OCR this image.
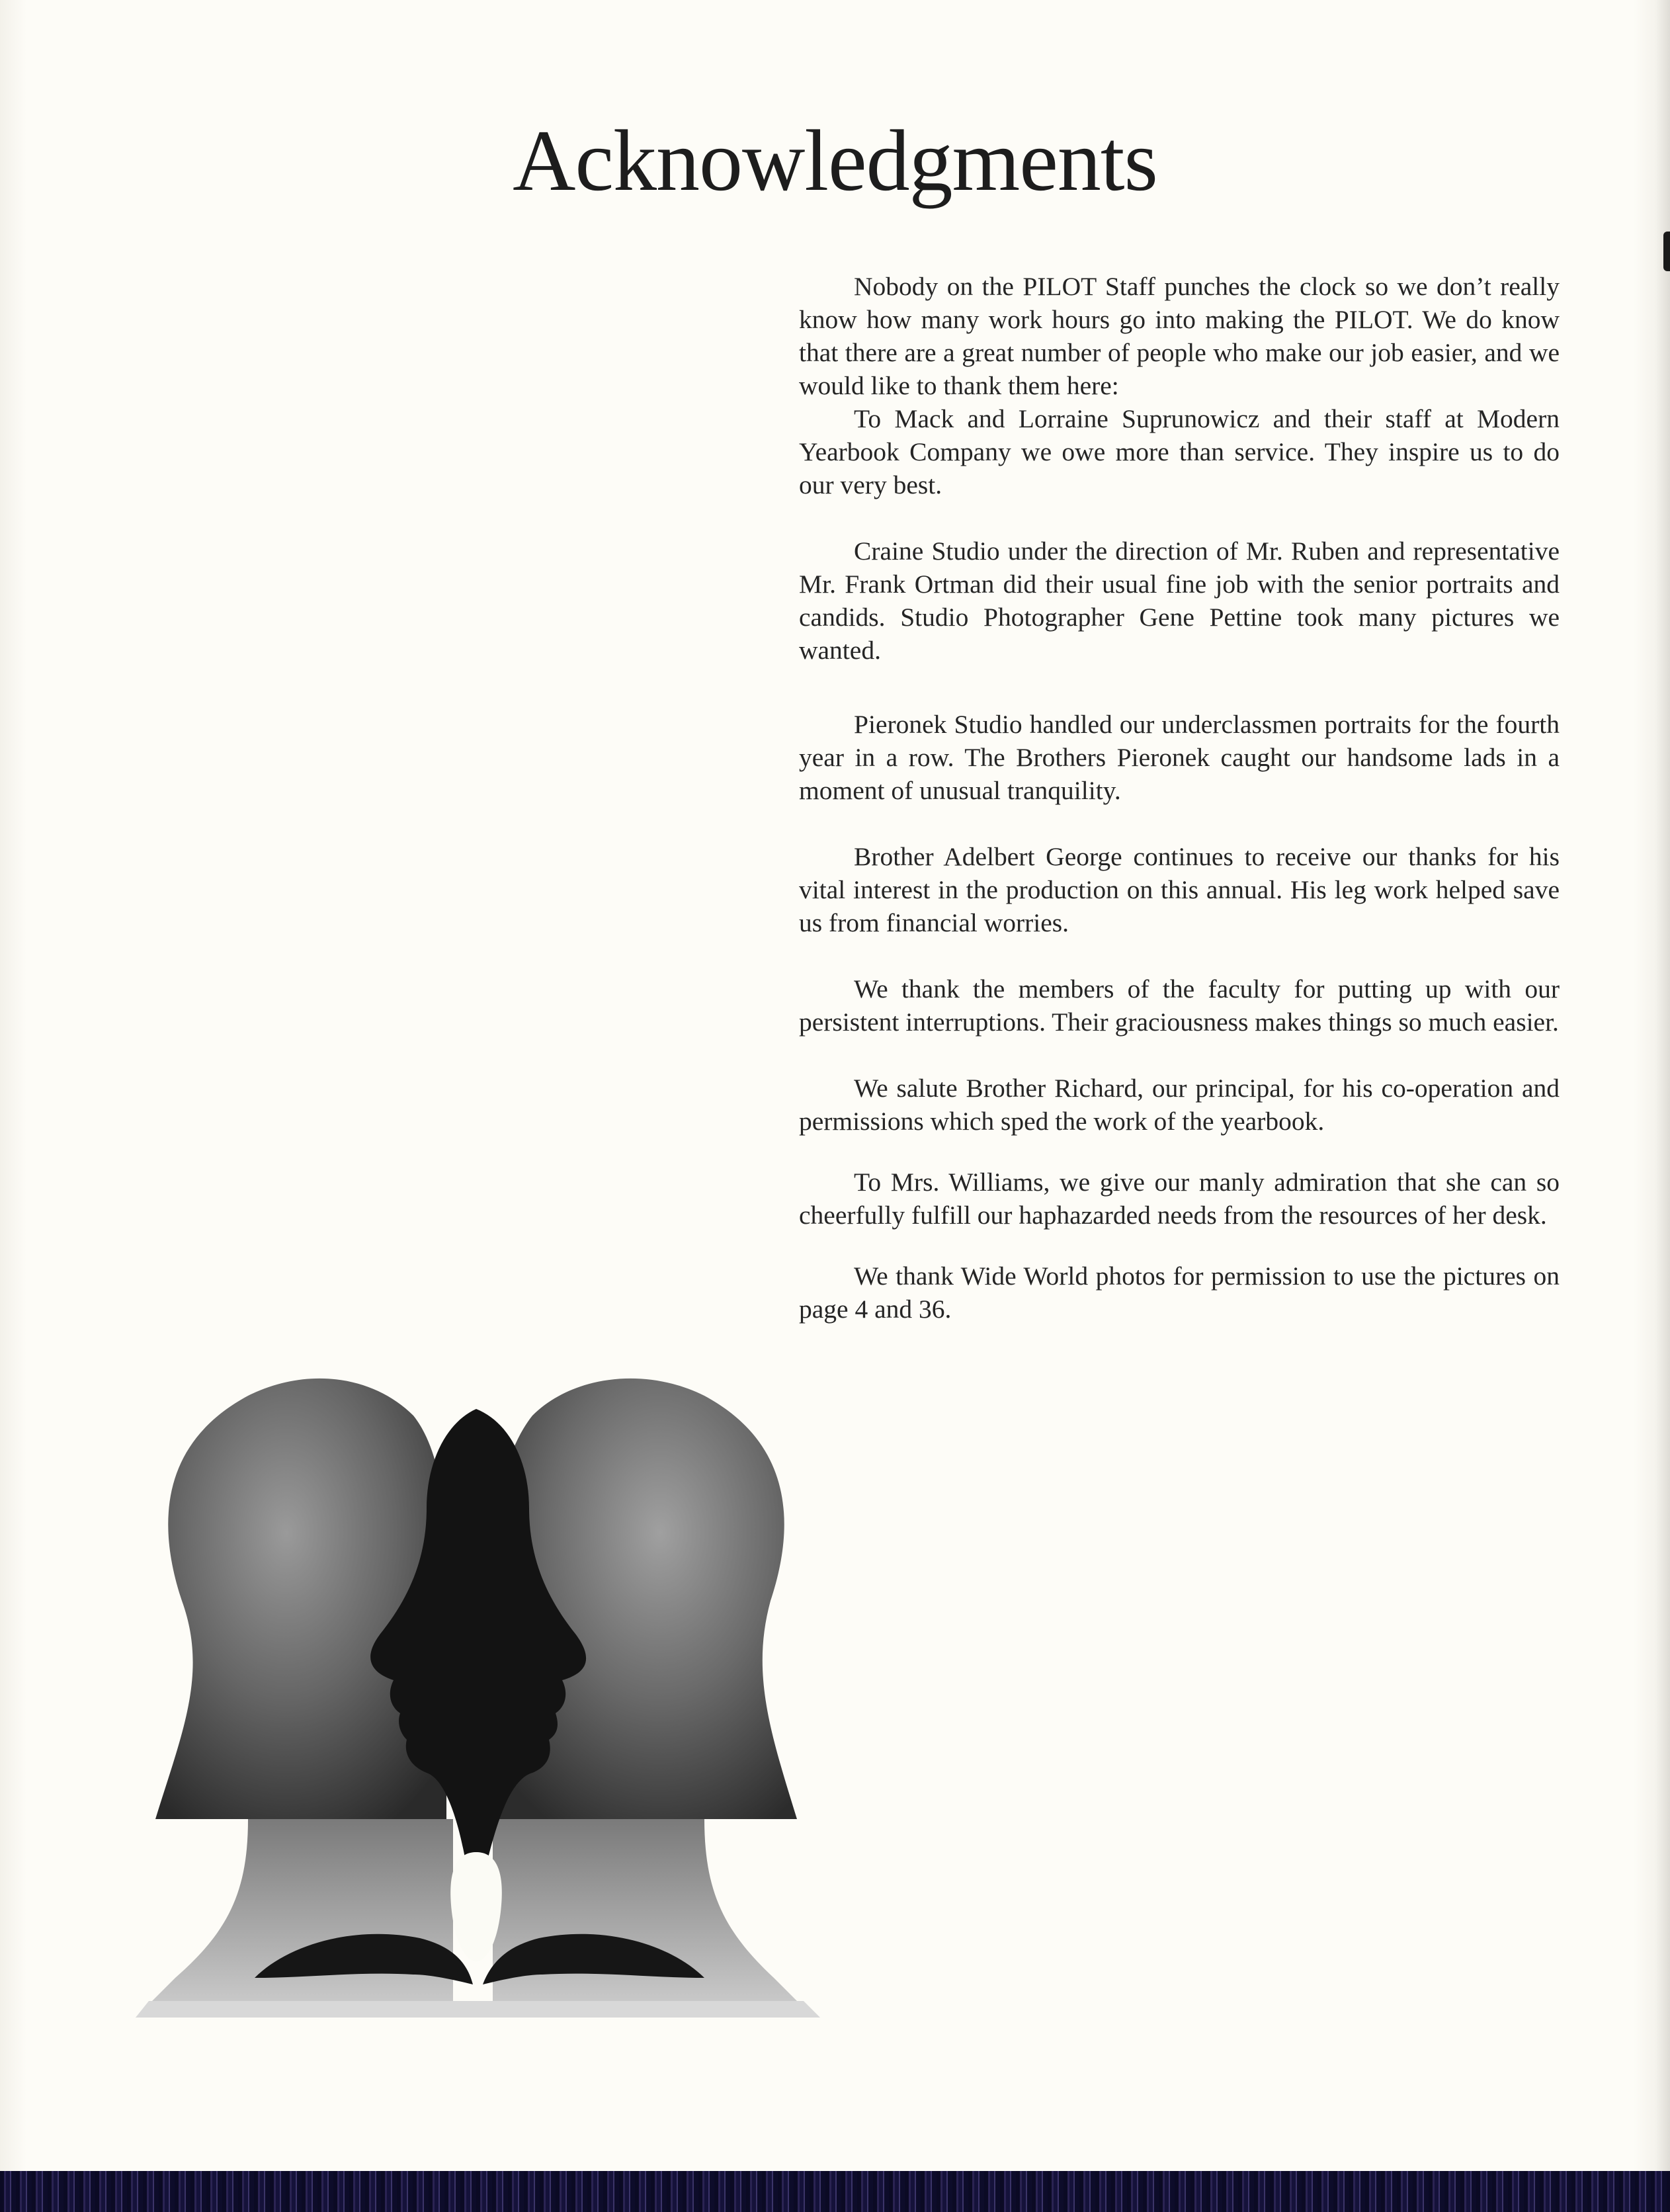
Acknowledgments

Nobody on the PILOT Staff punches the clock so we don’t really know how many work hours go into making the PILOT. We do know that there are a great number of people who make our job easier, and we would like to thank them here:

To Mack and Lorraine Suprunowicz and their staff at Modern Yearbook Company we owe more than service. They inspire us to do our very best.

Craine Studio under the direction of Mr. Ruben and representative Mr. Frank Ortman did their usual fine job with the senior portraits and candids. Studio Photographer Gene Pettine took many pictures we wanted.

Pieronek Studio handled our underclassmen portraits for the fourth year in a row. The Brothers Pieronek caught our handsome lads in a moment of unusual tranquility.

Brother Adelbert George continues to receive our thanks for his vital interest in the production on this annual. His leg work helped save us from financial worries.

We thank the members of the faculty for putting up with our persistent interruptions. Their graciousness makes things so much easier.

We salute Brother Richard, our principal, for his co-operation and permissions which sped the work of the yearbook.

To Mrs. Williams, we give our manly admiration that she can so cheerfully fulfill our haphazarded needs from the resources of her desk.

We thank Wide World photos for permission to use the pictures on page 4 and 36.
